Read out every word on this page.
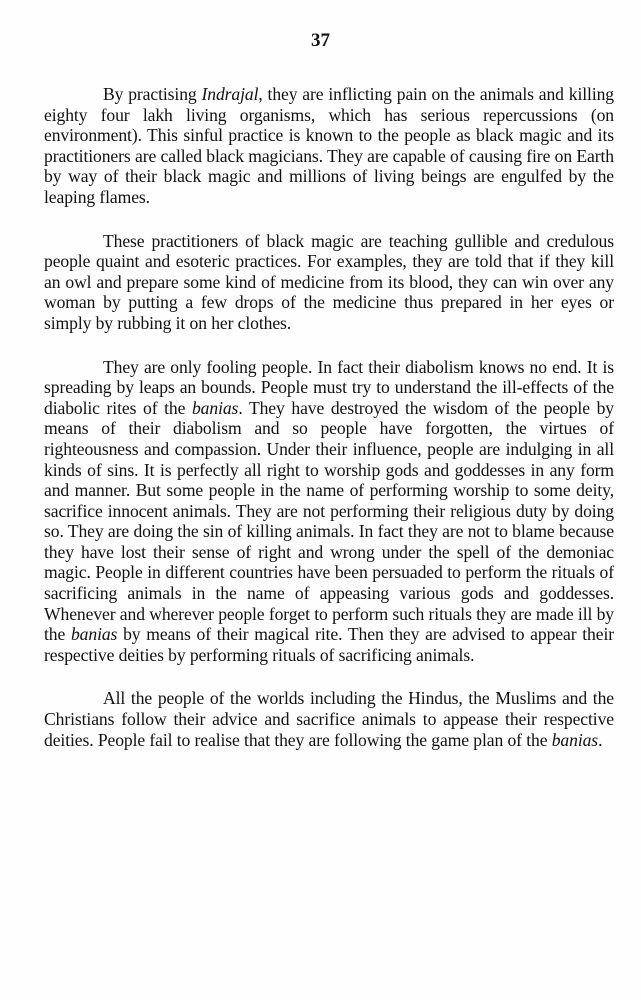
37

By practising Indrajal, they are inflicting pain on the animals and killing eighty four lakh living organisms, which has serious repercussions (on environment). This sinful practice is known to the people as black magic and its practitioners are called black magicians. They are capable of causing fire on Earth by way of their black magic and millions of living beings are engulfed by the leaping flames.

These practitioners of black magic are teaching gullible and credulous people quaint and esoteric practices. For examples, they are told that if they kill an owl and prepare some kind of medicine from its blood, they can win over any woman by putting a few drops of the medicine thus prepared in her eyes or simply by rubbing it on her clothes.

They are only fooling people. In fact their diabolism knows no end. It is spreading by leaps an bounds. People must try to understand the ill-effects of the diabolic rites of the banias. They have destroyed the wisdom of the people by means of their diabolism and so people have forgotten, the virtues of righteousness and compassion. Under their influence, people are indulging in all kinds of sins. It is perfectly all right to worship gods and goddesses in any form and manner. But some people in the name of performing worship to some deity, sacrifice innocent animals. They are not performing their religious duty by doing so. They are doing the sin of killing animals. In fact they are not to blame because they have lost their sense of right and wrong under the spell of the demoniac magic. People in different countries have been persuaded to perform the rituals of sacrificing animals in the name of appeasing various gods and goddesses. Whenever and wherever people forget to perform such rituals they are made ill by the banias by means of their magical rite. Then they are advised to appear their respective deities by performing rituals of sacrificing animals.

All the people of the worlds including the Hindus, the Muslims and the Christians follow their advice and sacrifice animals to appease their respective deities. People fail to realise that they are following the game plan of the banias.
